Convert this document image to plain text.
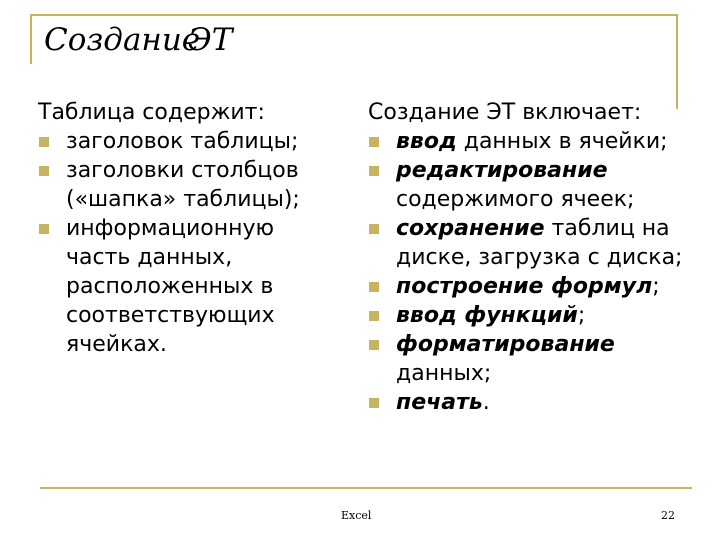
Создание
ЭТ
Таблица содержит:
заголовок таблицы;
заголовки столбцов («шапка» таблицы);
информационную часть данных, расположенных в соответствующих ячейках.
Создание ЭТ включает:
ввод данных в ячейки;
редактирование содержимого ячеек;
сохранение таблиц на диске, загрузка с диска;
построение формул;
ввод функций;
форматирование данных;
печать.
Excel	22
